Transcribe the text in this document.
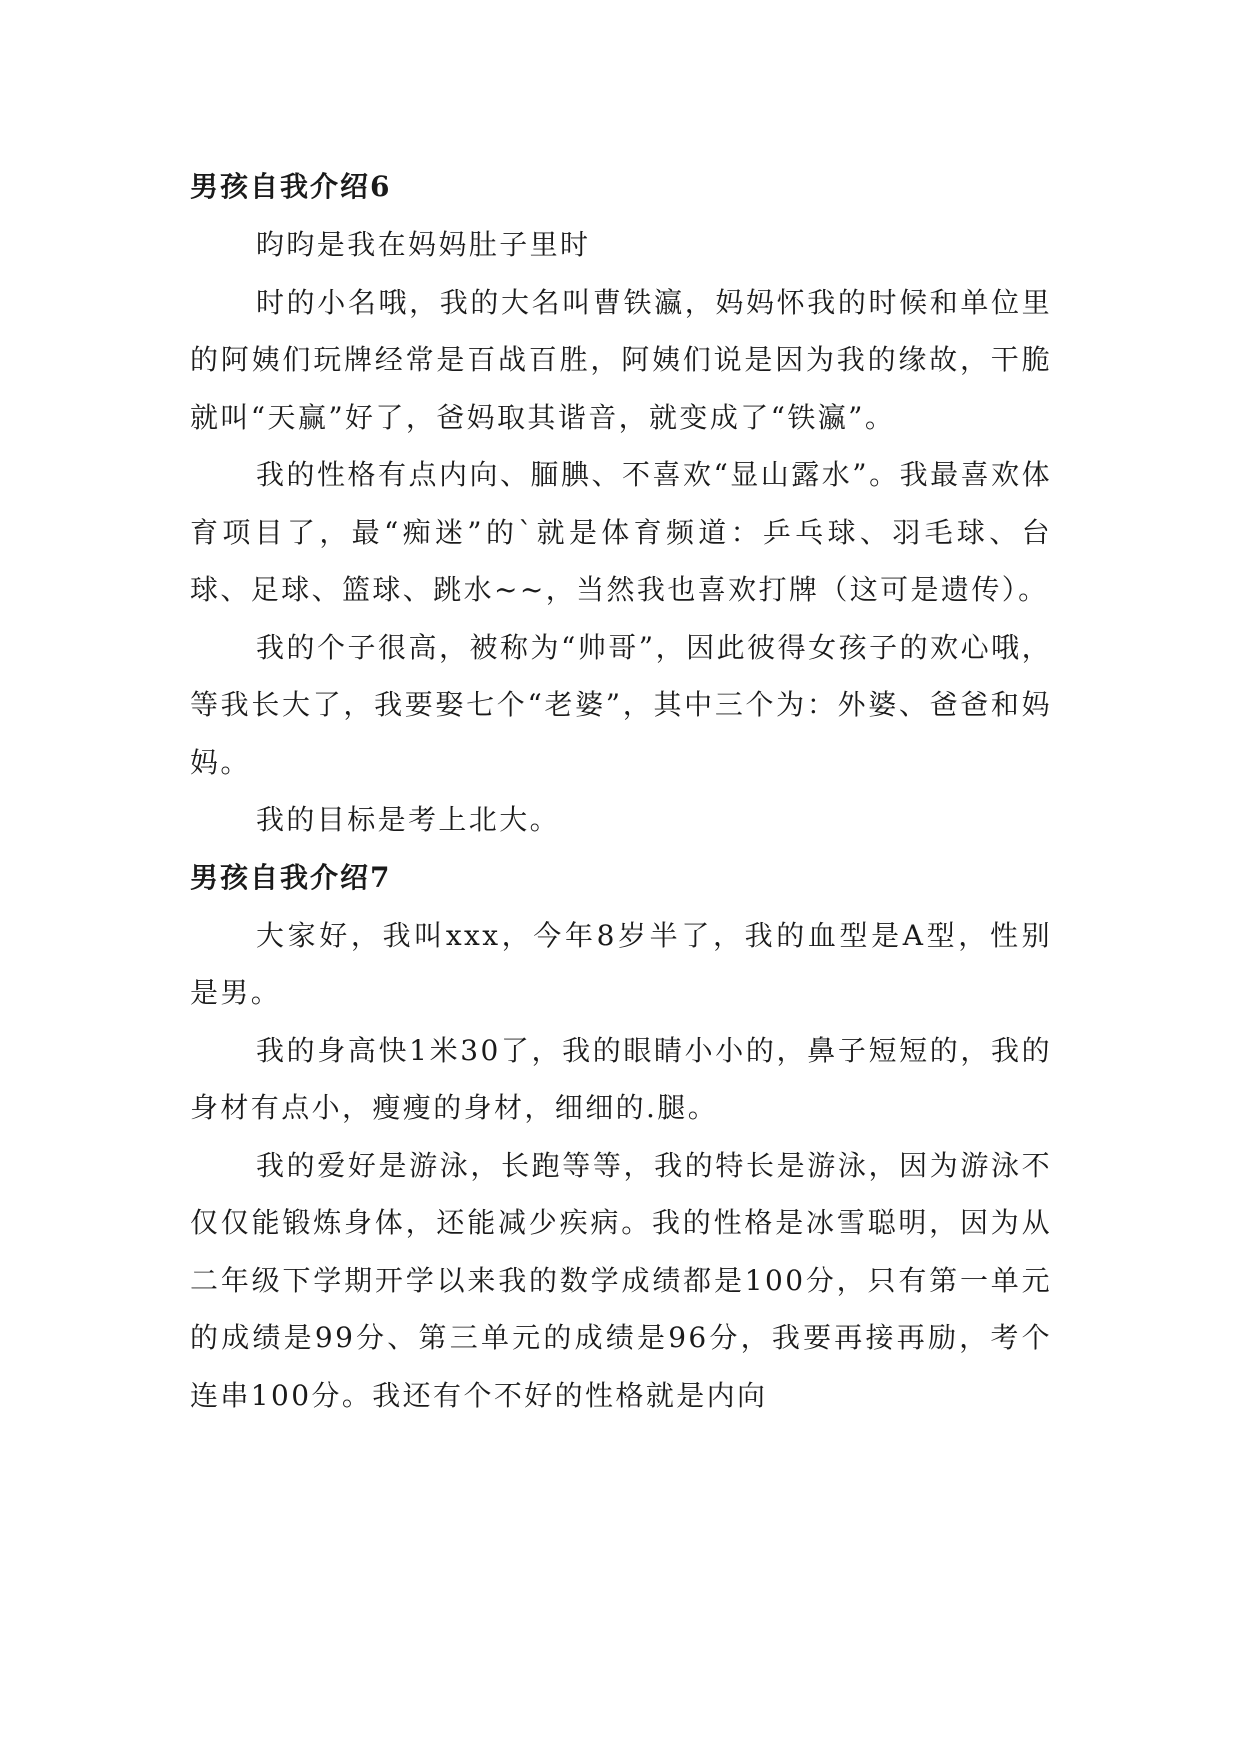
男孩自我介绍6

昀昀是我在妈妈肚子里时

时的小名哦，我的大名叫曹铁瀛，妈妈怀我的时候和单位里的阿姨们玩牌经常是百战百胜，阿姨们说是因为我的缘故，干脆就叫“天赢”好了，爸妈取其谐音，就变成了“铁瀛”。

我的性格有点内向、腼腆、不喜欢“显山露水”。我最喜欢体育项目了，最“痴迷”的`就是体育频道：乒乓球、羽毛球、台球、足球、篮球、跳水~~，当然我也喜欢打牌（这可是遗传）。

我的个子很高，被称为“帅哥”，因此彼得女孩子的欢心哦，等我长大了，我要娶七个“老婆”，其中三个为：外婆、爸爸和妈妈。

我的目标是考上北大。

男孩自我介绍7

大家好，我叫xxx，今年8岁半了，我的血型是A型，性别是男。

我的身高快1米30了，我的眼睛小小的，鼻子短短的，我的身材有点小，瘦瘦的身材，细细的.腿。

我的爱好是游泳，长跑等等，我的特长是游泳，因为游泳不仅仅能锻炼身体，还能减少疾病。我的性格是冰雪聪明，因为从二年级下学期开学以来我的数学成绩都是100分，只有第一单元的成绩是99分、第三单元的成绩是96分，我要再接再励，考个连串100分。我还有个不好的性格就是内向
